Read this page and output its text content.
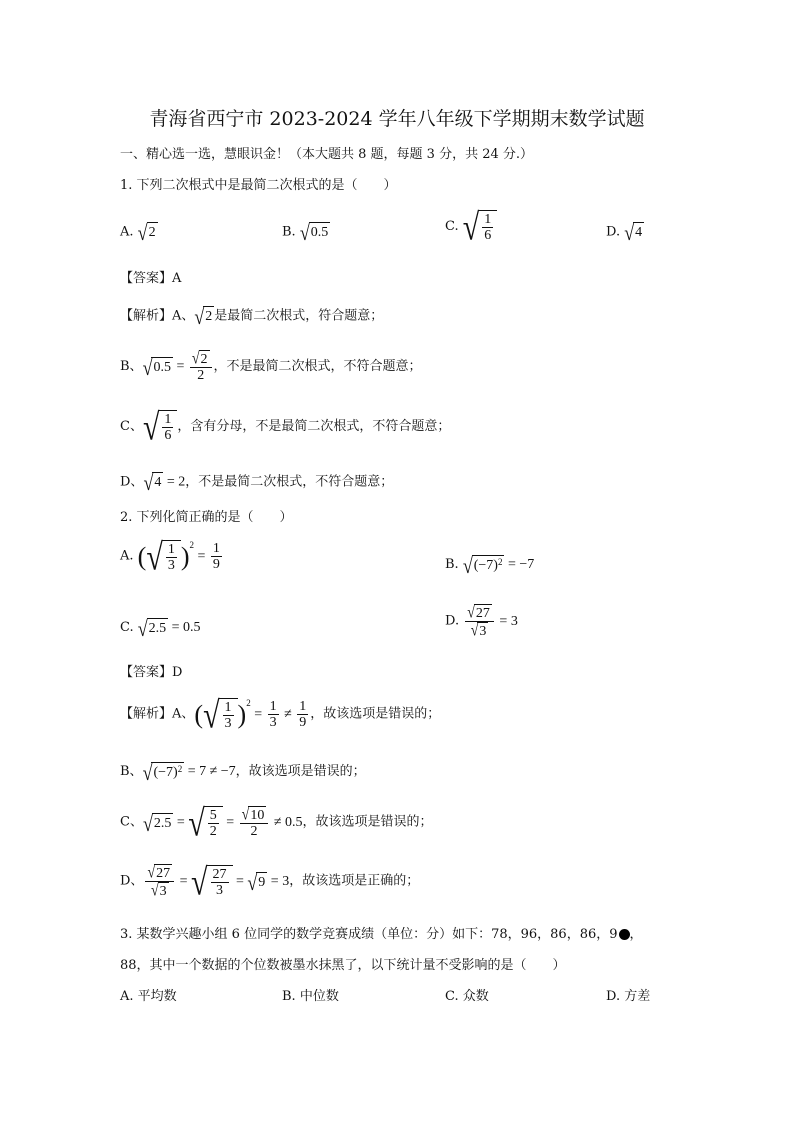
青海省西宁市 2023-2024 学年八年级下学期期末数学试题
一、精心选一选，慧眼识金！（本大题共 8 题，每题 3 分，共 24 分.）
1. 下列二次根式中是最简二次根式的是（　　）
A. √ 2	B. √ 0.5	C. √ $\frac{1}{6}$	D. √ 4
【答案】A
【解析】A、 √ 2 是最简二次根式，符合题意；
B、 √ $0.5 = \frac{√ 2}{2}$ ，不是最简二次根式，不符合题意；
C、 √ $\frac{1}{6}$ ，含有分母，不是最简二次根式，不符合题意；
D、 √ 4 = 2，不是最简二次根式，不符合题意；
2. 下列化简正确的是（　　）
A. ( √ $\frac{1}{3} )^2 = \frac{1}{9}$	B. √ (−7) 2 = −7
C. √ 2.5 = 0.5	D. $\frac{√ 27}{√ 3} = 3$
【答案】D
【解析】A、( √ $\frac{1}{3} )^2 = \frac{1}{3} \ne \frac{1}{9}$ ，故该选项是错误的；
B、 √ (−7) 2 = 7 ≠ −7，故该选项是错误的；
C、 √ 2.5 = √ $\frac{5}{2} = \frac{√ 10}{2} \ne 0.5$，故该选项是错误的；
D、 $\frac{√ 27}{√ 3}$ = √ $\frac{27}{3}$ = √ 9 = 3，故该选项是正确的；
3. 某数学兴趣小组 6 位同学的数学竞赛成绩（单位：分）如下：78，96，86，86，9 ，
88，其中一个数据的个位数被墨水抹黑了，以下统计量不受影响的是（　　）
A. 平均数	B. 中位数	C. 众数	D. 方差
